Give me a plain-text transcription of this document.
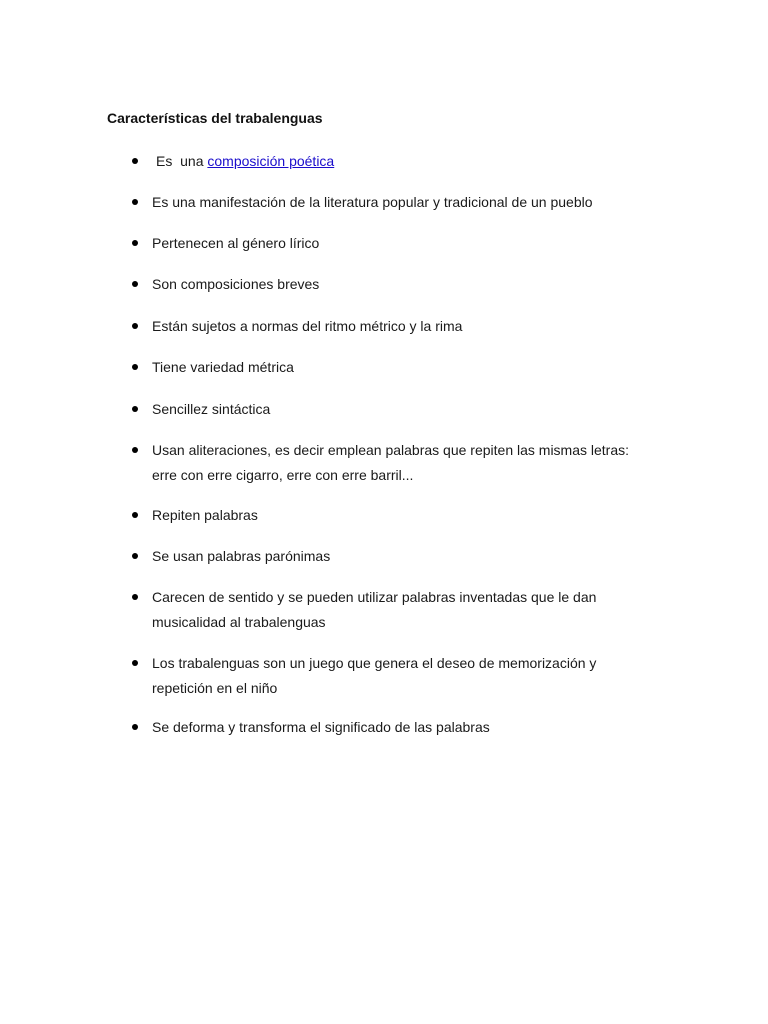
Características del trabalenguas
Es  una composición poética
Es una manifestación de la literatura popular y tradicional de un pueblo
Pertenecen al género lírico
Son composiciones breves
Están sujetos a normas del ritmo métrico y la rima
Tiene variedad métrica
Sencillez sintáctica
Usan aliteraciones, es decir emplean palabras que repiten las mismas letras: erre con erre cigarro, erre con erre barril...
Repiten palabras
Se usan palabras parónimas
Carecen de sentido y se pueden utilizar palabras inventadas que le dan musicalidad al trabalenguas
Los trabalenguas son un juego que genera el deseo de memorización y repetición en el niño
Se deforma y transforma el significado de las palabras
